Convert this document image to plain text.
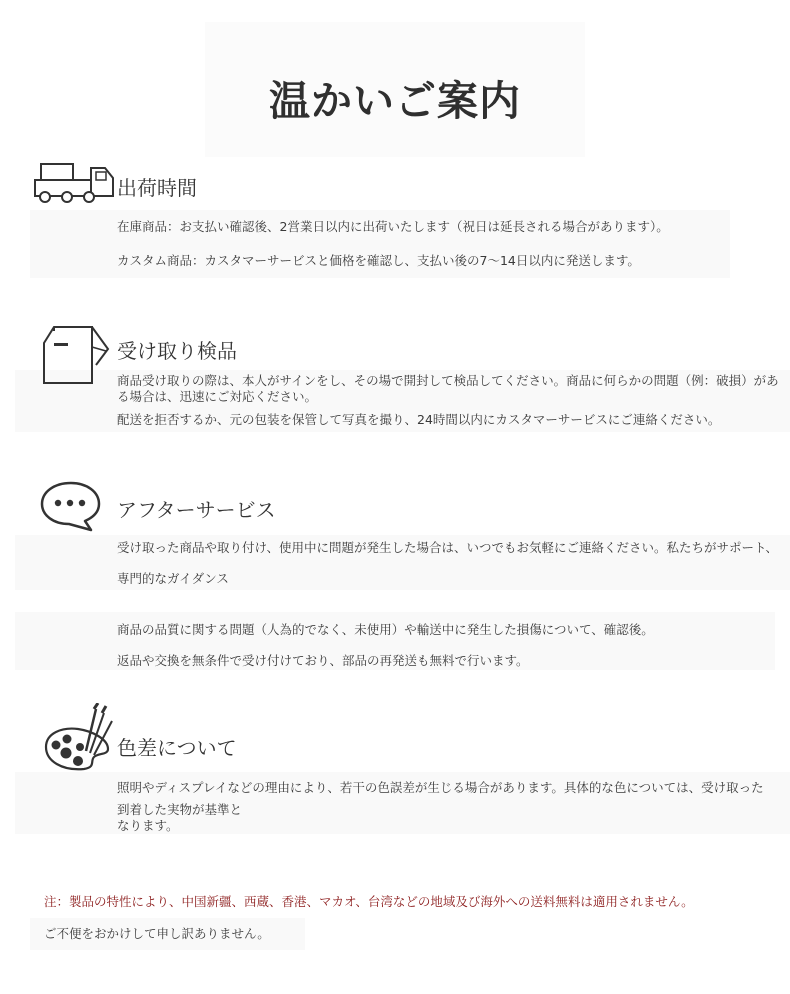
温かいご案内
出荷時間
在庫商品：お支払い確認後、2営業日以内に出荷いたします（祝日は延長される場合があります）。
カスタム商品：カスタマーサービスと価格を確認し、支払い後の7〜14日以内に発送します。
受け取り検品
商品受け取りの際は、本人がサインをし、その場で開封して検品してください。商品に何らかの問題（例：破損）があ
る場合は、迅速にご対応ください。
配送を拒否するか、元の包装を保管して写真を撮り、24時間以内にカスタマーサービスにご連絡ください。
アフターサービス
受け取った商品や取り付け、使用中に問題が発生した場合は、いつでもお気軽にご連絡ください。私たちがサポート、
専門的なガイダンス
商品の品質に関する問題（人為的でなく、未使用）や輸送中に発生した損傷について、確認後。
返品や交換を無条件で受け付けており、部品の再発送も無料で行います。
色差について
照明やディスプレイなどの理由により、若干の色誤差が生じる場合があります。具体的な色については、受け取った
到着した実物が基準と
なります。
注：製品の特性により、中国新疆、西蔵、香港、マカオ、台湾などの地域及び海外への送料無料は適用されません。
ご不便をおかけして申し訳ありません。
